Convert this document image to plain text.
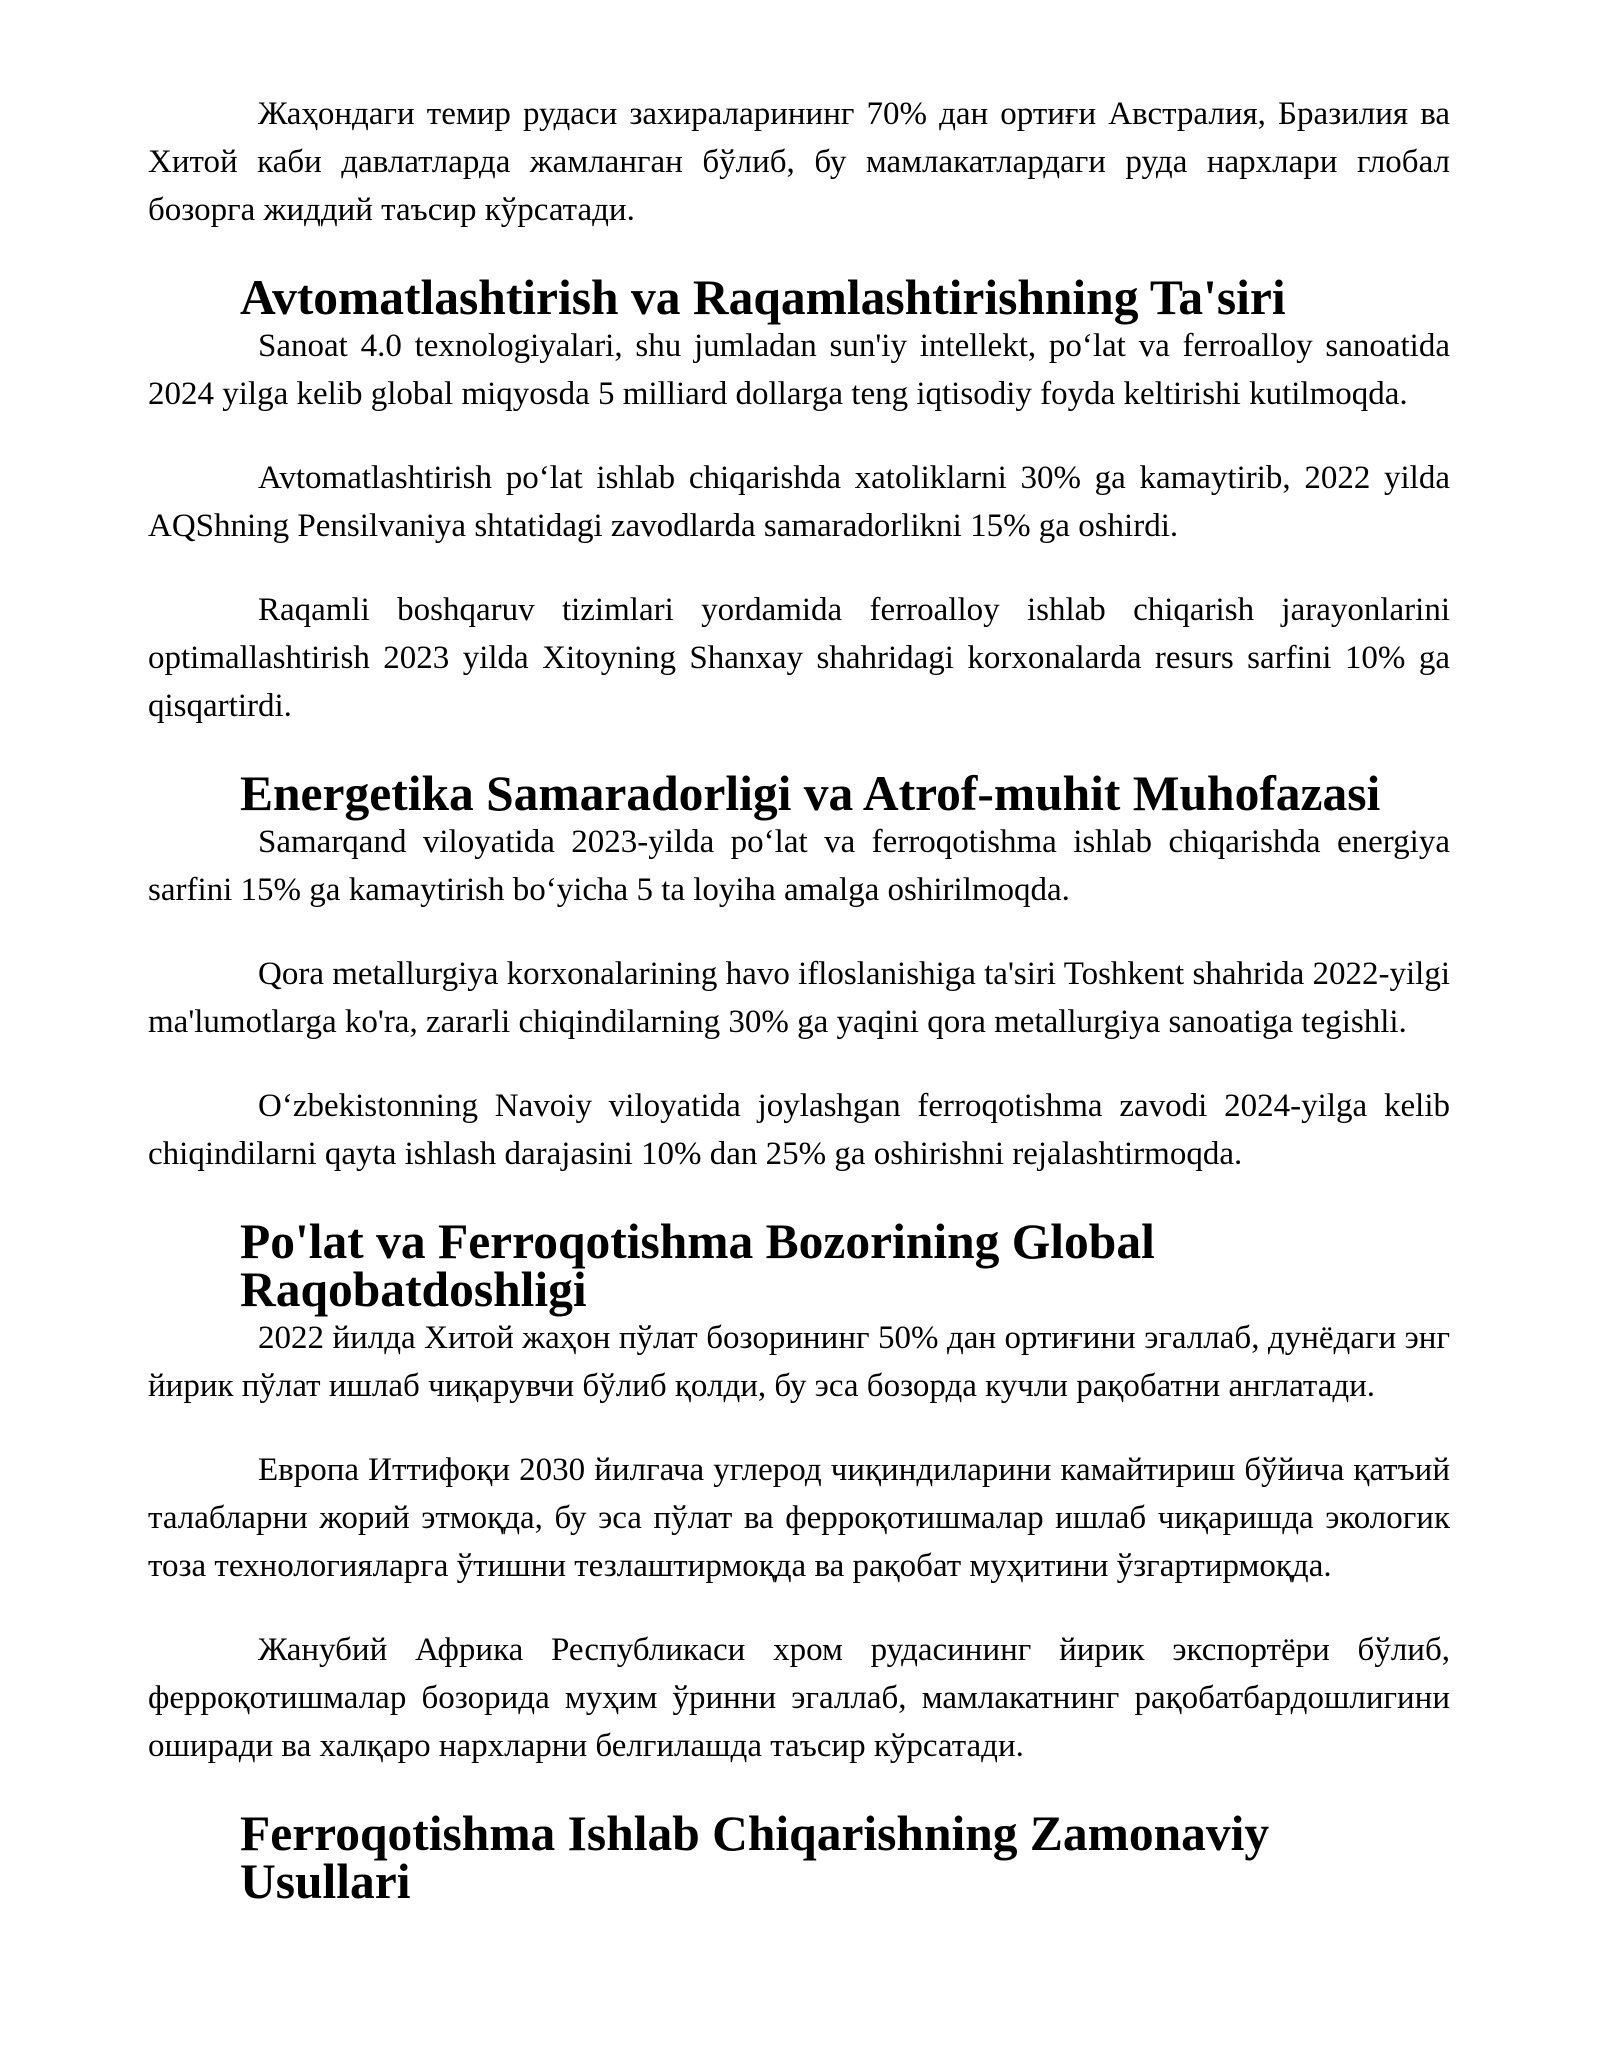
Жаҳондаги темир рудаси захираларининг 70% дан ортиғи Австралия, Бразилия ва Хитой каби давлатларда жамланган бўлиб, бу мамлакатлардаги руда нархлари глобал бозорга жиддий таъсир кўрсатади.

Avtomatlashtirish va Raqamlashtirishning Ta'siri

Sanoat 4.0 texnologiyalari, shu jumladan sun'iy intellekt, po‘lat va ferroalloy sanoatida 2024 yilga kelib global miqyosda 5 milliard dollarga teng iqtisodiy foyda keltirishi kutilmoqda.

Avtomatlashtirish po‘lat ishlab chiqarishda xatoliklarni 30% ga kamaytirib, 2022 yilda AQShning Pensilvaniya shtatidagi zavodlarda samaradorlikni 15% ga oshirdi.

Raqamli boshqaruv tizimlari yordamida ferroalloy ishlab chiqarish jarayonlarini optimallashtirish 2023 yilda Xitoyning Shanxay shahridagi korxonalarda resurs sarfini 10% ga qisqartirdi.

Energetika Samaradorligi va Atrof-muhit Muhofazasi

Samarqand viloyatida 2023-yilda po‘lat va ferroqotishma ishlab chiqarishda energiya sarfini 15% ga kamaytirish bo‘yicha 5 ta loyiha amalga oshirilmoqda.

Qora metallurgiya korxonalarining havo ifloslanishiga ta'siri Toshkent shahrida 2022-yilgi ma'lumotlarga ko'ra, zararli chiqindilarning 30% ga yaqini qora metallurgiya sanoatiga tegishli.

O‘zbekistonning Navoiy viloyatida joylashgan ferroqotishma zavodi 2024-yilga kelib chiqindilarni qayta ishlash darajasini 10% dan 25% ga oshirishni rejalashtirmoqda.

Po'lat va Ferroqotishma Bozorining Global Raqobatdoshligi

2022 йилда Хитой жаҳон пўлат бозорининг 50% дан ортиғини эгаллаб, дунёдаги энг йирик пўлат ишлаб чиқарувчи бўлиб қолди, бу эса бозорда кучли рақобатни англатади.

Европа Иттифоқи 2030 йилгача углерод чиқиндиларини камайтириш бўйича қатъий талабларни жорий этмоқда, бу эса пўлат ва ферроқотишмалар ишлаб чиқаришда экологик тоза технологияларга ўтишни тезлаштирмоқда ва рақобат муҳитини ўзгартирмоқда.

Жанубий Африка Республикаси хром рудасининг йирик экспортёри бўлиб, ферроқотишмалар бозорида муҳим ўринни эгаллаб, мамлакатнинг рақобатбардошлигини оширади ва халқаро нархларни белгилашда таъсир кўрсатади.

Ferroqotishma Ishlab Chiqarishning Zamonaviy Usullari
